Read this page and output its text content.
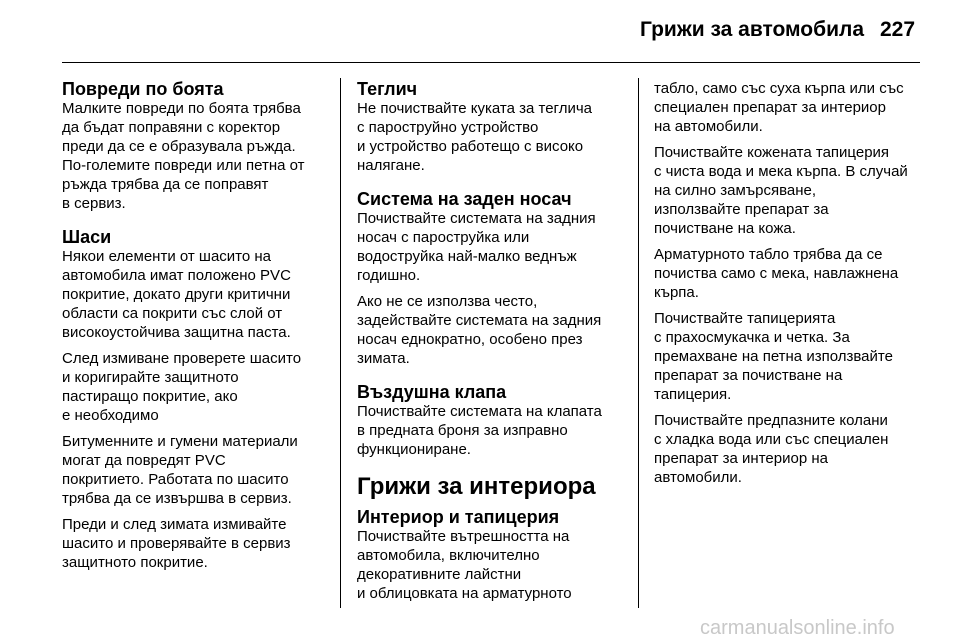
Грижи за автомобила 227
Повреди по боята

Малките повреди по боята трябва
да бъдат поправяни с коректор
преди да се е образувала ръжда.
По-големите повреди или петна от
ръжда трябва да се поправят
в сервиз.

Шаси

Някои елементи от шасито на
автомобила имат положено PVC
покритие, докато други критични
области са покрити със слой от
високоустойчива защитна паста.

След измиване проверете шасито
и коригирайте защитното
пастиращо покритие, ако
е необходимо

Битуменните и гумени материали
могат да повредят PVC
покритието. Работата по шасито
трябва да се извършва в сервиз.

Преди и след зимата измивайте
шасито и проверявайте в сервиз
защитното покритие.

Теглич

Не почиствайте куката за теглича
с пароструйно устройство
и устройство работещо с високо
налягане.

Система на заден носач

Почиствайте системата на задния
носач с пароструйка или
водоструйка най-малко веднъж
годишно.

Ако не се използва често,
задействайте системата на задния
носач еднократно, особено през
зимата.

Въздушна клапа

Почиствайте системата на клапата
в предната броня за изправно
функциониране.

Грижи за интериора
Интериор и тапицерия

Почиствайте вътрешността на
автомобила, включително
декоративните лайстни
и облицовката на арматурното

табло, само със суха кърпа или със
специален препарат за интериор
на автомобили.

Почиствайте кожената тапицерия
с чиста вода и мека кърпа. В случай
на силно замърсяване,
използвайте препарат за
почистване на кожа.

Арматурното табло трябва да се
почиства само с мека, навлажнена
кърпа.

Почиствайте тапицерията
с прахосмукачка и четка. За
премахване на петна използвайте
препарат за почистване на
тапицерия.

Почиствайте предпазните колани
с хладка вода или със специален
препарат за интериор на
автомобили.

carmanualsonline.info
